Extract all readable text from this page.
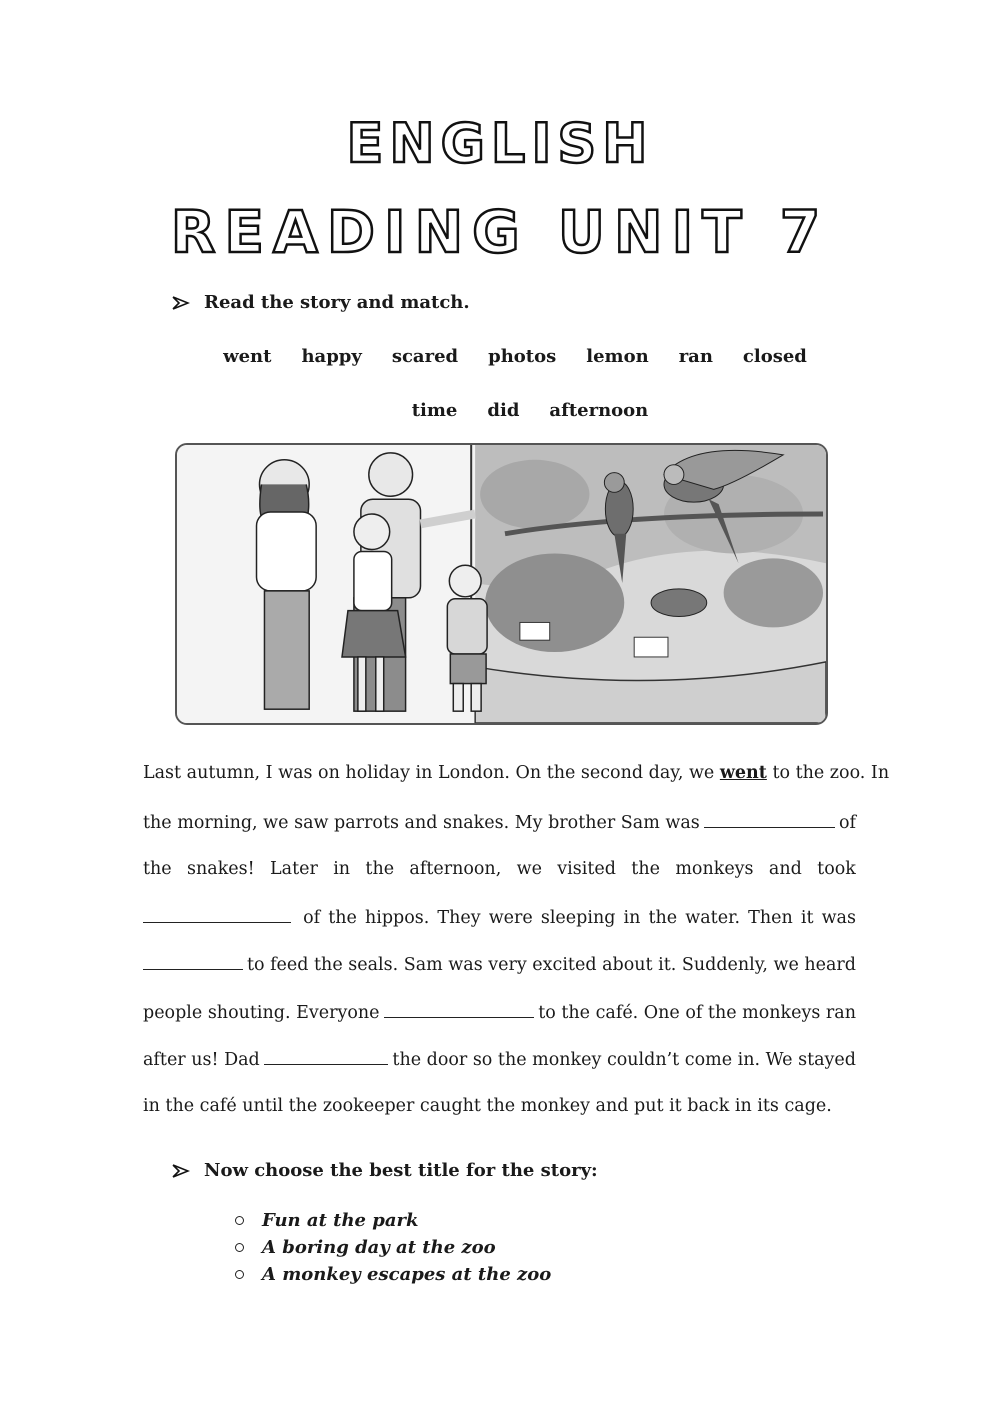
ENGLISH
READING UNIT 7
Read the story and match.
went happy scared photos lemon ran closed
time did afternoon
Last autumn, I was on holiday in London. On the second day, we
went
to the zoo. In
the morning, we saw parrots and snakes. My brother Sam was	of
the snakes! Later in the afternoon, we visited the monkeys and took
of the hippos. They were sleeping in the water. Then it was
to feed the seals. Sam was very excited about it. Suddenly, we heard
people shouting. Everyone	to the café. One of the monkeys ran
after us! Dad	the door so the monkey couldn’t come in. We stayed
in the café until the zookeeper caught the monkey and put it back in its cage.
Now choose the best title for the story:
Fun at the park
A boring day at the zoo
A monkey escapes at the zoo
